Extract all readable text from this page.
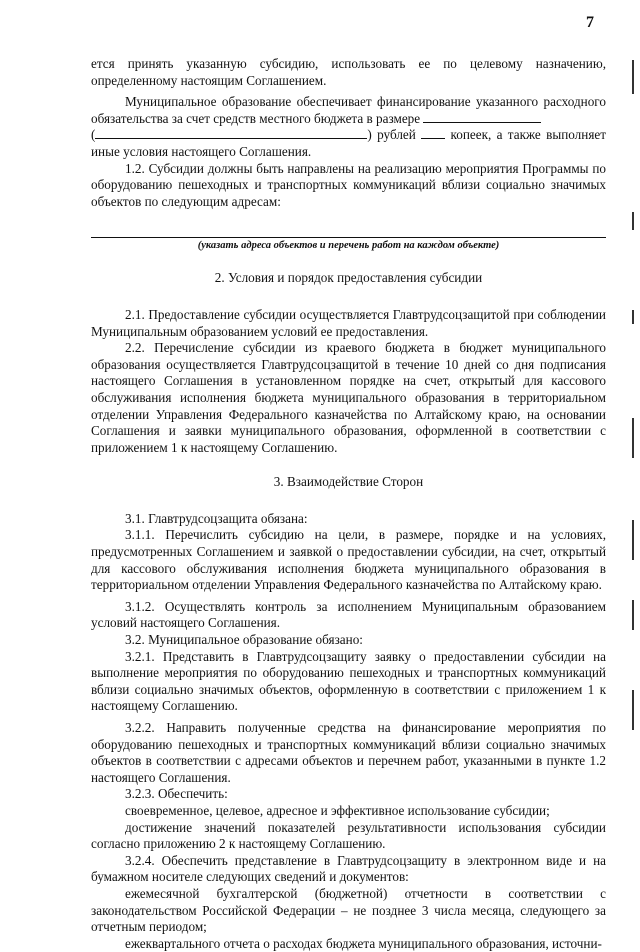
7

ется принять указанную субсидию, использовать ее по целевому назначению, определенному настоящим Соглашением.

Муниципальное образование обеспечивает финансирование указанного расходного обязательства за счет средств местного бюджета в размере
(	) рублей  копеек, а также выполняет иные условия настоящего Соглашения.

1.2. Субсидии должны быть направлены на реализацию мероприятия Программы по оборудованию пешеходных и транспортных коммуникаций вблизи социально значимых объектов по следующим адресам:

(указать адреса объектов и перечень работ на каждом объекте)

2. Условия и порядок предоставления субсидии

2.1. Предоставление субсидии осуществляется Главтрудсоцзащитой при соблюдении Муниципальным образованием условий ее предоставления.

2.2. Перечисление субсидии из краевого бюджета в бюджет муниципального образования осуществляется Главтрудсоцзащитой в течение 10 дней со дня подписания настоящего Соглашения в установленном порядке на счет, открытый для кассового обслуживания исполнения бюджета муниципального образования в территориальном отделении Управления Федерального казначейства по Алтайскому краю, на основании Соглашения и заявки муниципального образования, оформленной в соответствии с приложением 1 к настоящему Соглашению.

3. Взаимодействие Сторон

3.1. Главтрудсоцзащита обязана:

3.1.1. Перечислить субсидию на цели, в размере, порядке и на условиях, предусмотренных Соглашением и заявкой о предоставлении субсидии, на счет, открытый для кассового обслуживания исполнения бюджета муниципального образования в территориальном отделении Управления Федерального казначейства по Алтайскому краю.

3.1.2. Осуществлять контроль за исполнением Муниципальным образованием условий настоящего Соглашения.

3.2. Муниципальное образование обязано:

3.2.1. Представить в Главтрудсоцзащиту заявку о предоставлении субсидии на выполнение мероприятия по оборудованию пешеходных и транспортных коммуникаций вблизи социально значимых объектов, оформленную в соответствии с приложением 1 к настоящему Соглашению.

3.2.2. Направить полученные средства на финансирование мероприятия по оборудованию пешеходных и транспортных коммуникаций вблизи социально значимых объектов в соответствии с адресами объектов и перечнем работ, указанными в пункте 1.2 настоящего Соглашения.

3.2.3. Обеспечить:

своевременное, целевое, адресное и эффективное использование субсидии;

достижение значений показателей результативности использования субсидии согласно приложению 2 к настоящему Соглашению.

3.2.4. Обеспечить представление в Главтрудсоцзащиту в электронном виде и на бумажном носителе следующих сведений и документов:

ежемесячной бухгалтерской (бюджетной) отчетности в соответствии с законодательством Российской Федерации – не позднее 3 числа месяца, следующего за отчетным периодом;

ежеквартального отчета о расходах бюджета муниципального образования, источни-
